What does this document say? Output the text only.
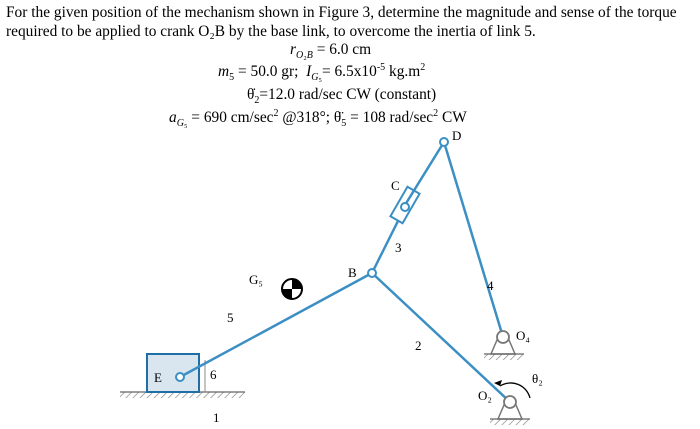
For the given position of the mechanism shown in Figure 3, determine the magnitude and sense of the torque required to be applied to crank O₂B by the base link, to overcome the inertia of link 5.
$r_{O_2B} = 6.0$ cm
$m_5 = 50.0$ gr;  $I_{G_5}= 6.5x10^{-5}$ $kg.m^2$
$\thetȧ_2=12.0$ rad/sec CW (constant)
$a_{G_5} = 690$ $cm/\sec^2$ @318°; $\thetä_5 = 108$ rad/$\sec^2$ CW
D
C
B
E
G₅
O₄
O₂
θ₂
1
2
3
4
5
6
